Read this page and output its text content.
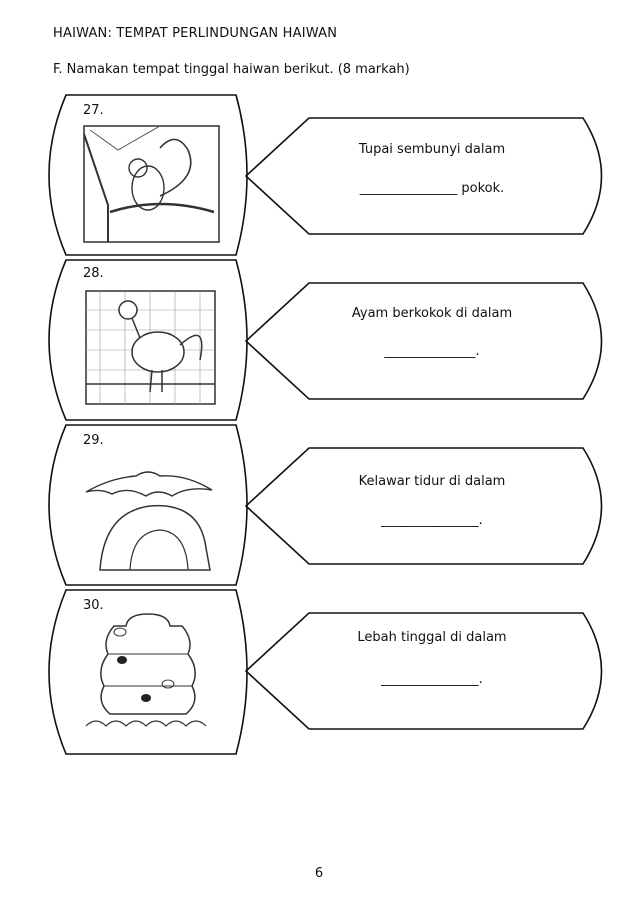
HAIWAN: TEMPAT PERLINDUNGAN HAIWAN
F. Namakan tempat tinggal haiwan berikut. (8 markah)
27.
Tupai sembunyi dalam
_______________ pokok.
28.
Ayam berkokok di dalam
______________.
29.
Kelawar tidur di dalam
_______________.
30.
Lebah tinggal di dalam
_______________.
6
